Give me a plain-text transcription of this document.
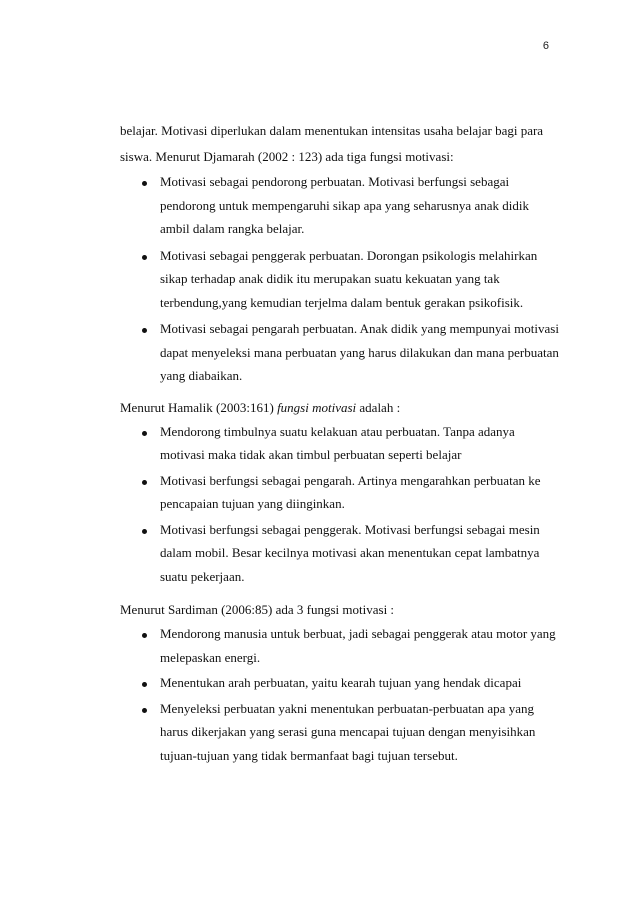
6
belajar. Motivasi diperlukan dalam menentukan intensitas usaha belajar bagi para
siswa. Menurut Djamarah (2002 : 123) ada tiga fungsi motivasi:
Motivasi sebagai pendorong perbuatan. Motivasi berfungsi sebagai pendorong untuk mempengaruhi sikap apa yang seharusnya anak didik ambil dalam rangka belajar.
Motivasi sebagai penggerak perbuatan. Dorongan psikologis melahirkan sikap terhadap anak didik itu merupakan suatu kekuatan yang tak terbendung,yang kemudian terjelma dalam bentuk gerakan psikofisik.
Motivasi sebagai pengarah perbuatan. Anak didik yang mempunyai motivasi dapat menyeleksi mana perbuatan yang harus dilakukan dan mana perbuatan yang diabaikan.
Menurut Hamalik (2003:161) fungsi motivasi adalah :
Mendorong timbulnya suatu kelakuan atau perbuatan. Tanpa adanya motivasi maka tidak akan timbul perbuatan seperti belajar
Motivasi berfungsi sebagai pengarah. Artinya mengarahkan perbuatan ke pencapaian tujuan yang diinginkan.
Motivasi berfungsi sebagai penggerak. Motivasi berfungsi sebagai mesin dalam mobil. Besar kecilnya motivasi akan menentukan cepat lambatnya suatu pekerjaan.
Menurut Sardiman (2006:85) ada 3 fungsi motivasi :
Mendorong manusia untuk berbuat, jadi sebagai penggerak atau motor yang melepaskan energi.
Menentukan arah perbuatan, yaitu kearah tujuan yang hendak dicapai
Menyeleksi perbuatan yakni menentukan perbuatan-perbuatan apa yang harus dikerjakan yang serasi guna mencapai tujuan dengan menyisihkan tujuan-tujuan yang tidak bermanfaat bagi tujuan tersebut.
